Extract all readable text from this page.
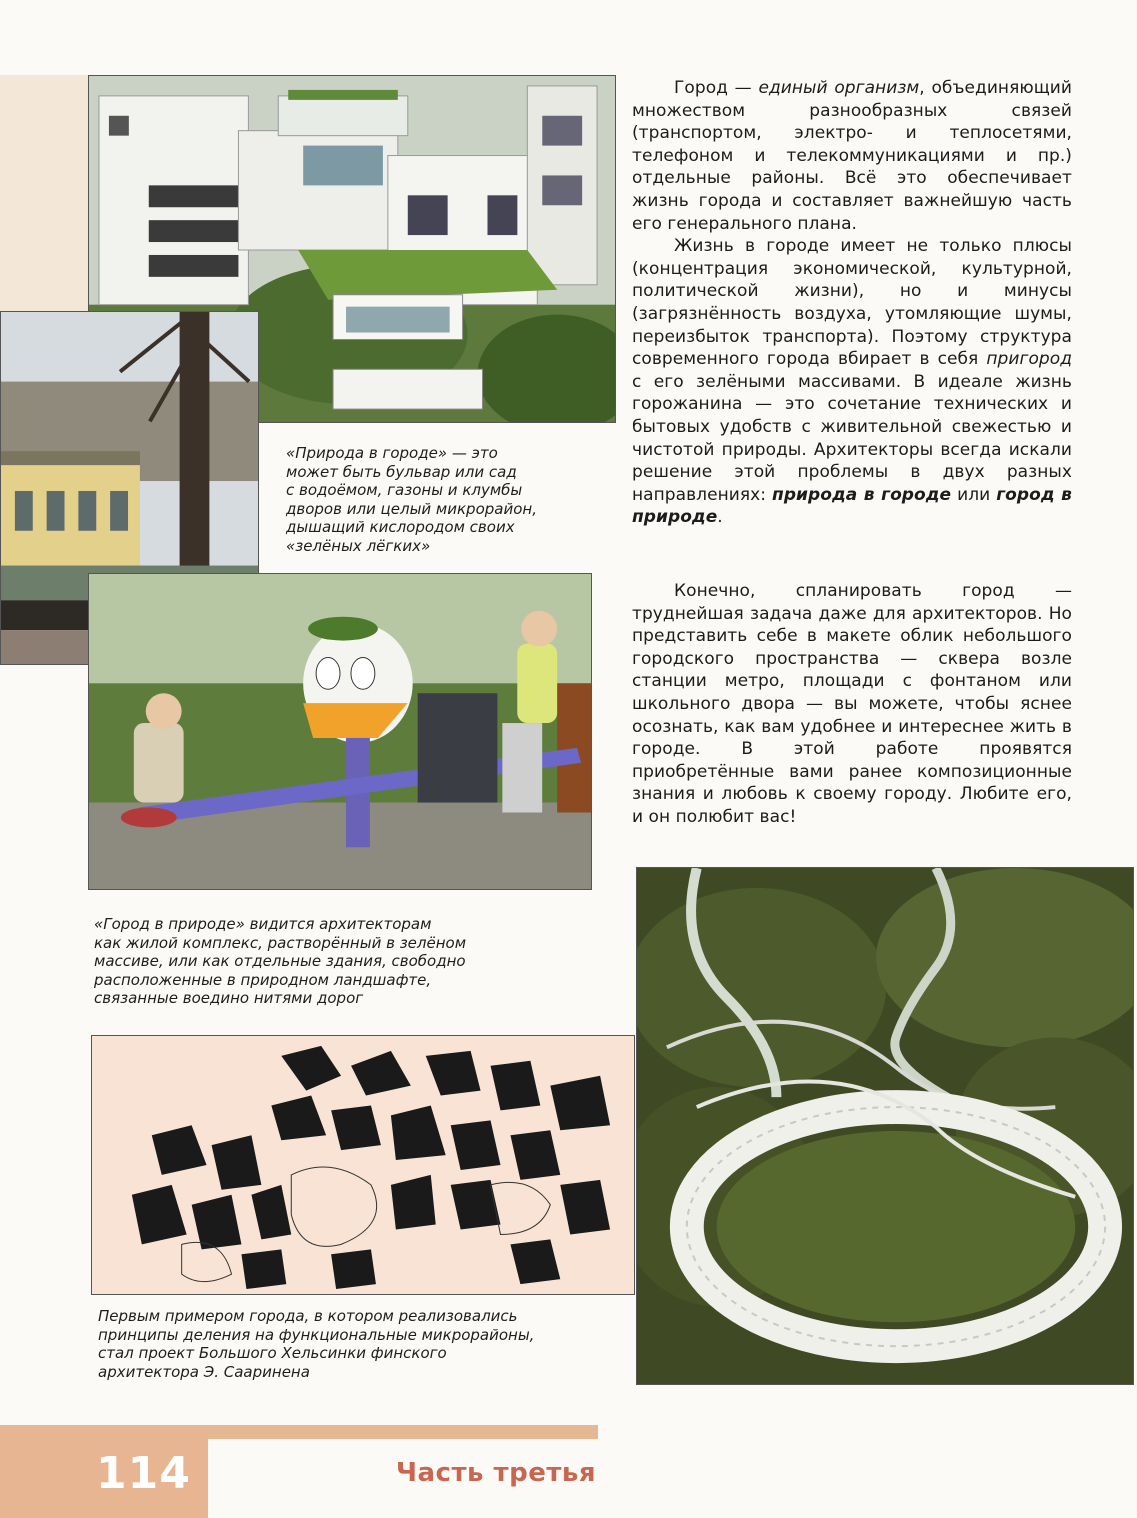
Город — единый организм, объединяющий множеством разнообразных связей (транспортом, электро- и теплосетями, телефоном и телекоммуникациями и пр.) отдельные районы. Всё это обеспечивает жизнь города и составляет важнейшую часть его генерального плана.

Жизнь в городе имеет не только плюсы (концентрация экономической, культурной, политической жизни), но и минусы (загрязнённость воздуха, утомляющие шумы, переизбыток транспорта). Поэтому структура современного города вбирает в себя пригород с его зелёными массивами. В идеале жизнь горожанина — это сочетание технических и бытовых удобств с живительной свежестью и чистотой природы. Архитекторы всегда искали решение этой проблемы в двух разных направлениях: природа в городе или город в природе.

Конечно, спланировать город — труднейшая задача даже для архитекторов. Но представить себе в макете облик небольшого городского пространства — сквера возле станции метро, площади с фонтаном или школьного двора — вы можете, чтобы яснее осознать, как вам удобнее и интереснее жить в городе. В этой работе проявятся приобретённые вами ранее композиционные знания и любовь к своему городу. Любите его, и он полюбит вас!

«Природа в городе» — это
может быть бульвар или сад
с водоёмом, газоны и клумбы
дворов или целый микрорайон,
дышащий кислородом своих
«зелёных лёгких»
«Город в природе» видится архитекторам
как жилой комплекс, растворённый в зелёном
массиве, или как отдельные здания, свободно
расположенные в природном ландшафте,
связанные воедино нитями дорог
Первым примером города, в котором реализовались
принципы деления на функциональные микрорайоны,
стал проект Большого Хельсинки финского
архитектора Э. Сааринена
114	Часть третья
